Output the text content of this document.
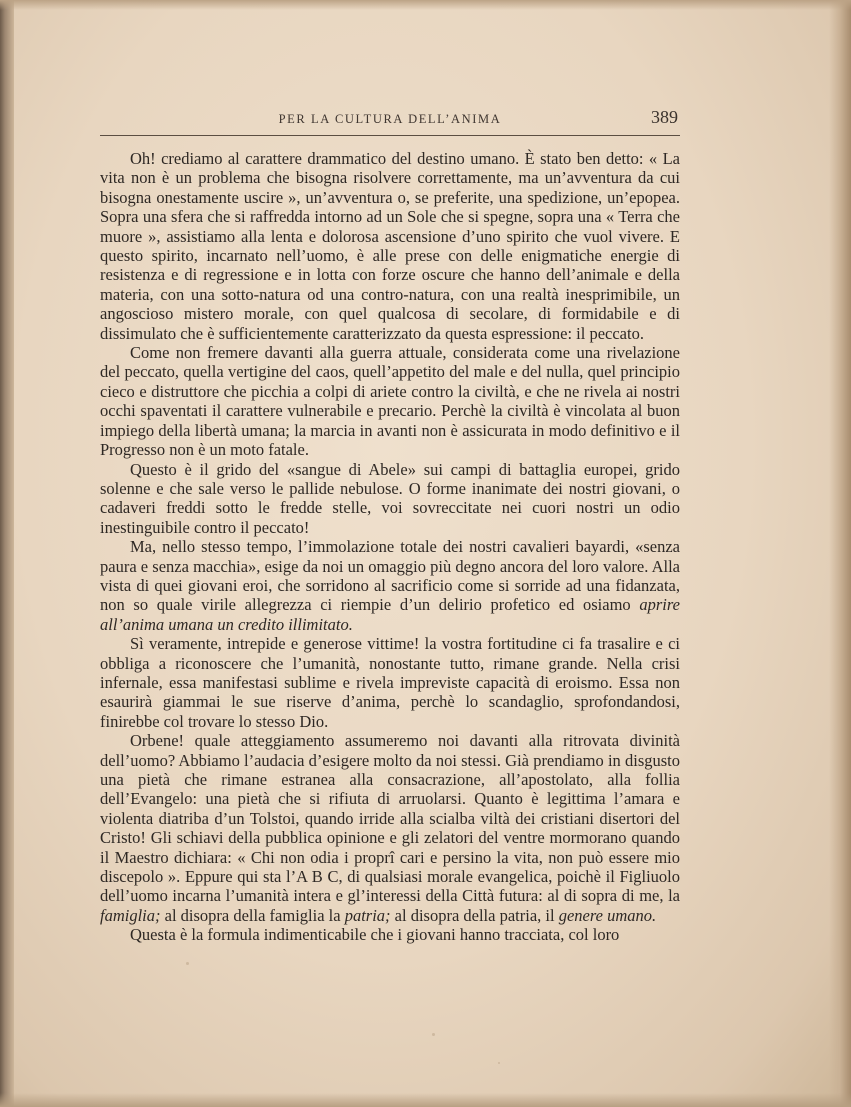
PER LA CULTURA DELL’ANIMA	389

Oh! crediamo al carattere drammatico del destino umano. È stato ben detto: « La vita non è un problema che bisogna risolvere correttamente, ma un’avventura da cui bisogna onestamente uscire », un’avventura o, se preferite, una spedizione, un’epopea. Sopra una sfera che si raffredda intorno ad un Sole che si spegne, sopra una « Terra che muore », assistiamo alla lenta e dolorosa ascensione d’uno spirito che vuol vivere. E questo spirito, incarnato nell’uomo, è alle prese con delle enigmatiche energie di resistenza e di regressione e in lotta con forze oscure che hanno dell’animale e della materia, con una sotto-natura od una contro-natura, con una realtà inesprimibile, un angoscioso mistero morale, con quel qualcosa di secolare, di formidabile e di dissimulato che è sufficientemente caratterizzato da questa espressione: il peccato.

Come non fremere davanti alla guerra attuale, considerata come una rivelazione del peccato, quella vertigine del caos, quell’appetito del male e del nulla, quel principio cieco e distruttore che picchia a colpi di ariete contro la civiltà, e che ne rivela ai nostri occhi spaventati il carattere vulnerabile e precario. Perchè la civiltà è vincolata al buon impiego della libertà umana; la marcia in avanti non è assicurata in modo definitivo e il Progresso non è un moto fatale.

Questo è il grido del «sangue di Abele» sui campi di battaglia europei, grido solenne e che sale verso le pallide nebulose. O forme inanimate dei nostri giovani, o cadaveri freddi sotto le fredde stelle, voi sovreccitate nei cuori nostri un odio inestinguibile contro il peccato!

Ma, nello stesso tempo, l’immolazione totale dei nostri cavalieri bayardi, «senza paura e senza macchia», esige da noi un omaggio più degno ancora del loro valore. Alla vista di quei giovani eroi, che sorridono al sacrificio come si sorride ad una fidanzata, non so quale virile allegrezza ci riempie d’un delirio profetico ed osiamo aprire all’anima umana un credito illimitato.

Sì veramente, intrepide e generose vittime! la vostra fortitudine ci fa trasalire e ci obbliga a riconoscere che l’umanità, nonostante tutto, rimane grande. Nella crisi infernale, essa manifestasi sublime e rivela impreviste capacità di eroismo. Essa non esaurirà giammai le sue riserve d’anima, perchè lo scandaglio, sprofondandosi, finirebbe col trovare lo stesso Dio.

Orbene! quale atteggiamento assumeremo noi davanti alla ritrovata divinità dell’uomo? Abbiamo l’audacia d’esigere molto da noi stessi. Già prendiamo in disgusto una pietà che rimane estranea alla consacrazione, all’apostolato, alla follia dell’Evangelo: una pietà che si rifiuta di arruolarsi. Quanto è legittima l’amara e violenta diatriba d’un Tolstoi, quando irride alla scialba viltà dei cristiani disertori del Cristo! Gli schiavi della pubblica opinione e gli zelatori del ventre mormorano quando il Maestro dichiara: « Chi non odia i proprî cari e persino la vita, non può essere mio discepolo ». Eppure qui sta l’A B C, di qualsiasi morale evangelica, poichè il Figliuolo dell’uomo incarna l’umanità intera e gl’interessi della Città futura: al di sopra di me, la famiglia; al disopra della famiglia la patria; al disopra della patria, il genere umano.

Questa è la formula indimenticabile che i giovani hanno tracciata, col loro
